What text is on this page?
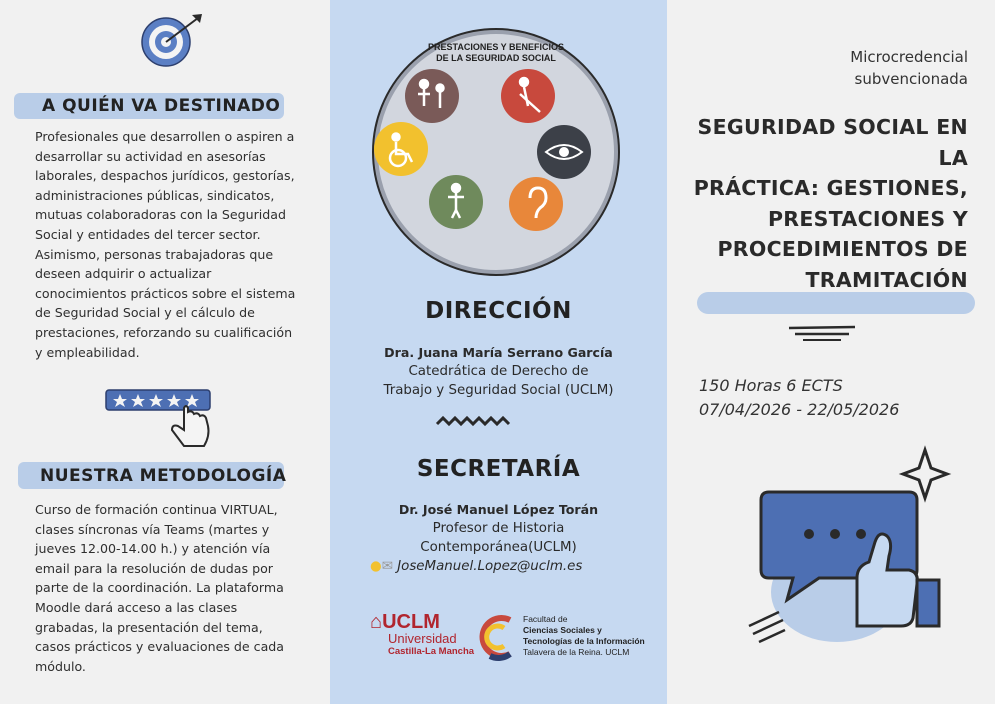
A QUIÉN VA DESTINADO
Profesionales que desarrollen o aspiren a desarrollar su actividad en asesorías laborales, despachos jurídicos, gestorías, administraciones públicas, sindicatos, mutuas colaboradoras con la Seguridad Social y entidades del tercer sector. Asimismo, personas trabajadoras que deseen adquirir o actualizar conocimientos prácticos sobre el sistema de Seguridad Social y el cálculo de prestaciones, reforzando su cualificación y empleabilidad.
NUESTRA METODOLOGÍA
Curso de formación continua VIRTUAL, clases síncronas vía Teams (martes y jueves 12.00-14.00 h.) y atención vía email para la resolución de dudas por parte de la coordinación. La plataforma Moodle dará acceso a las clases grabadas, la presentación del tema, casos prácticos y evaluaciones de cada módulo.
PRESTACIONES Y BENEFICIOS
DE LA SEGURIDAD SOCIAL
DIRECCIÓN
Dra. Juana María Serrano García
Catedrática de Derecho de
Trabajo y Seguridad Social (UCLM)
SECRETARÍA
Dr. José Manuel López Torán
Profesor de Historia
Contemporánea(UCLM)
●✉ JoseManuel.Lopez@uclm.es
⌂UCLM
Universidad
Castilla-La Mancha
Facultad de
Ciencias Sociales y
Tecnologías de la Información
Talavera de la Reina. UCLM
Microcredencial
subvencionada
SEGURIDAD SOCIAL EN LA
PRÁCTICA: GESTIONES,
PRESTACIONES Y
PROCEDIMIENTOS DE
TRAMITACIÓN
150 Horas 6 ECTS
07/04/2026 - 22/05/2026
